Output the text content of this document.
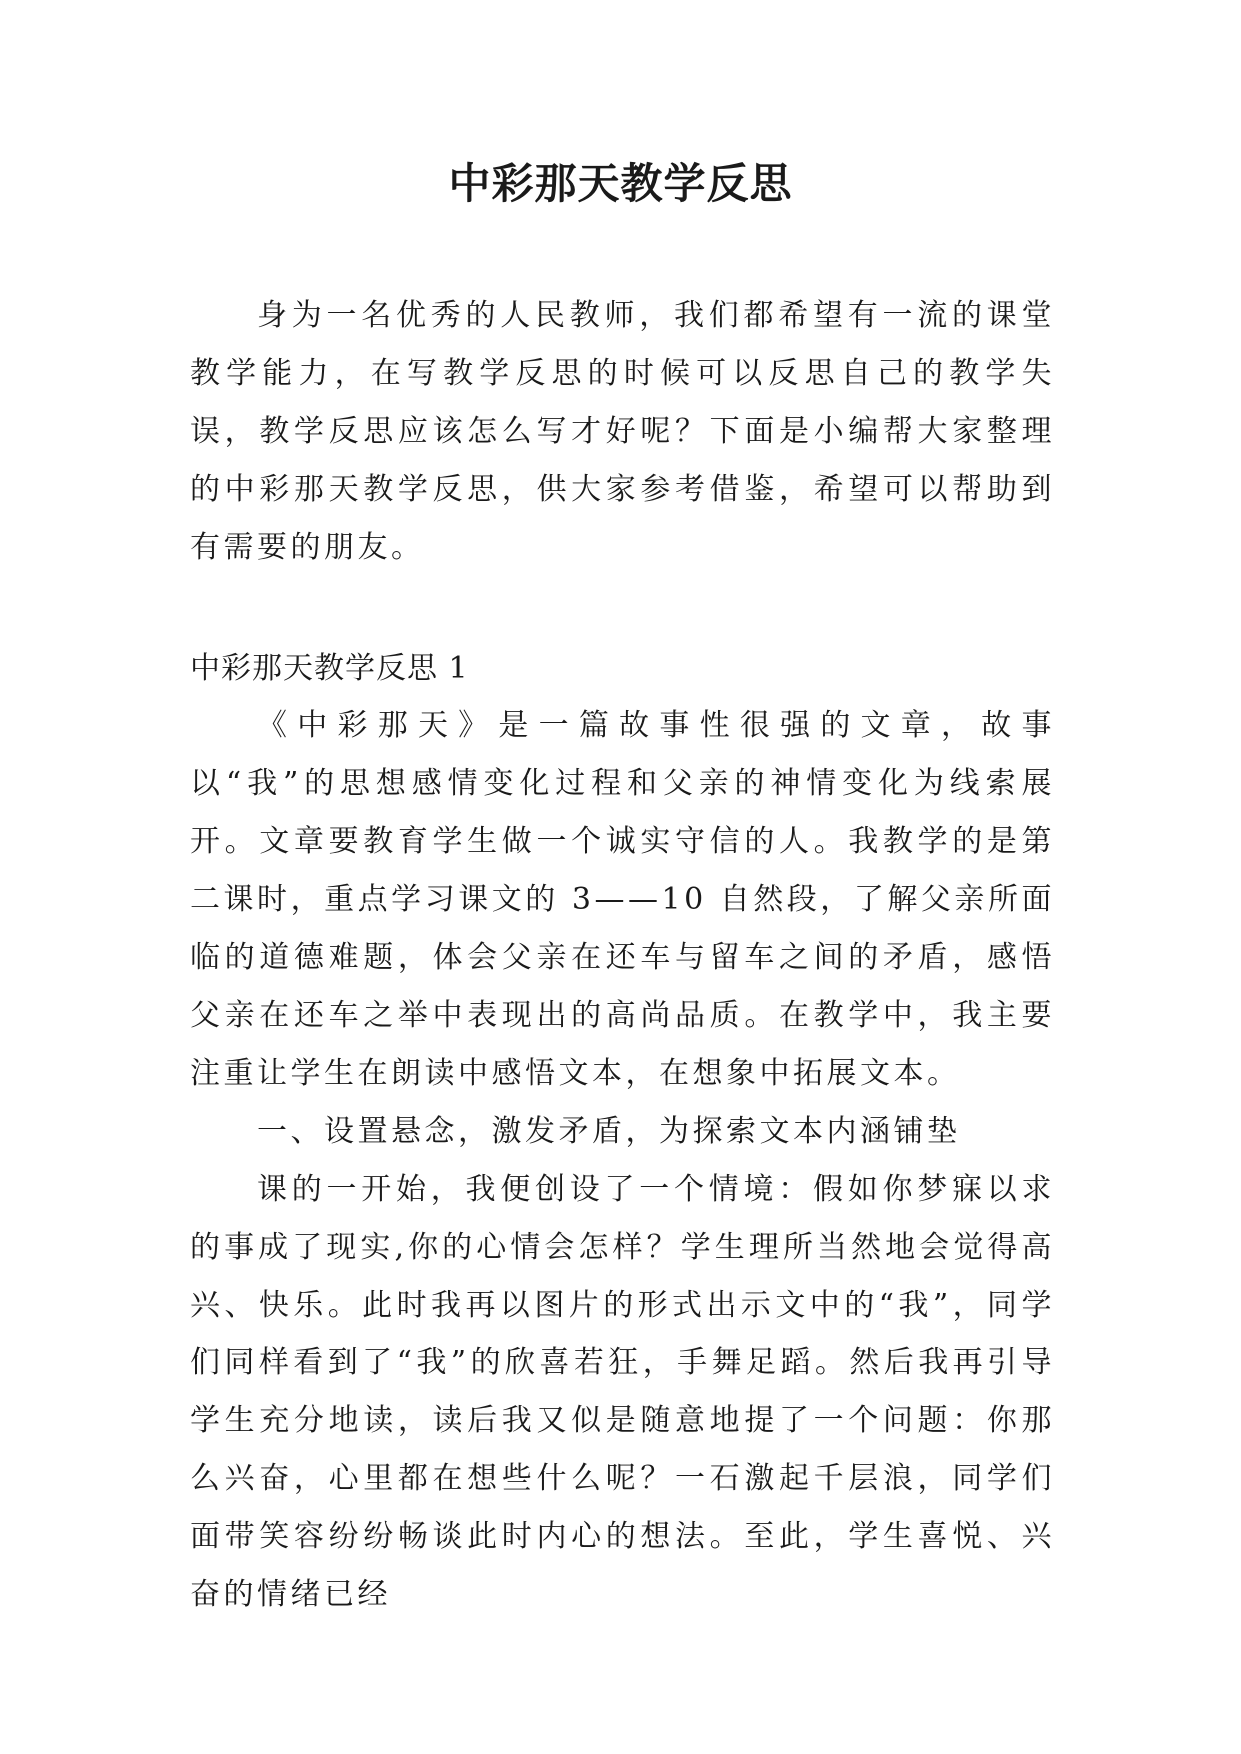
中彩那天教学反思

身为一名优秀的人民教师，我们都希望有一流的课堂教学能力，在写教学反思的时候可以反思自己的教学失误，教学反思应该怎么写才好呢？下面是小编帮大家整理的中彩那天教学反思，供大家参考借鉴，希望可以帮助到有需要的朋友。

中彩那天教学反思 1

《中彩那天》是一篇故事性很强的文章，故事以“我”的思想感情变化过程和父亲的神情变化为线索展开。文章要教育学生做一个诚实守信的人。我教学的是第二课时，重点学习课文的 3——10 自然段，了解父亲所面临的道德难题，体会父亲在还车与留车之间的矛盾，感悟父亲在还车之举中表现出的高尚品质。在教学中，我主要注重让学生在朗读中感悟文本，在想象中拓展文本。

一、设置悬念，激发矛盾，为探索文本内涵铺垫

课的一开始，我便创设了一个情境：假如你梦寐以求的事成了现实,你的心情会怎样？学生理所当然地会觉得高兴、快乐。此时我再以图片的形式出示文中的“我”，同学们同样看到了“我”的欣喜若狂，手舞足蹈。然后我再引导学生充分地读，读后我又似是随意地提了一个问题：你那么兴奋，心里都在想些什么呢？一石激起千层浪，同学们面带笑容纷纷畅谈此时内心的想法。至此，学生喜悦、兴奋的情绪已经
